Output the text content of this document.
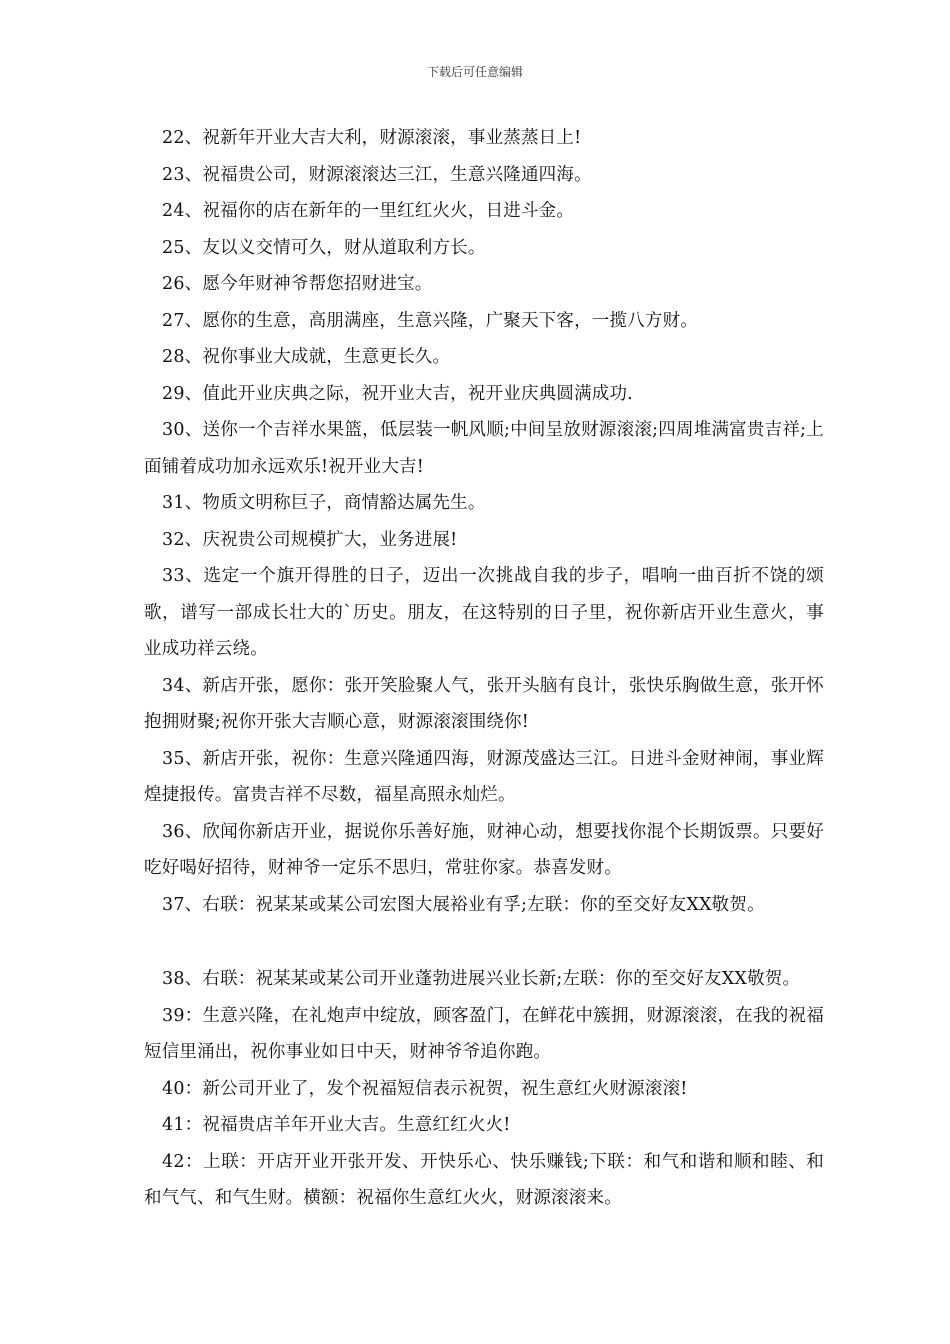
下载后可任意编辑

22、祝新年开业大吉大利，财源滚滚，事业蒸蒸日上!

23、祝福贵公司，财源滚滚达三江，生意兴隆通四海。

24、祝福你的店在新年的一里红红火火，日进斗金。

25、友以义交情可久，财从道取利方长。

26、愿今年财神爷帮您招财进宝。

27、愿你的生意，高朋满座，生意兴隆，广聚天下客，一揽八方财。

28、祝你事业大成就，生意更长久。

29、值此开业庆典之际，祝开业大吉，祝开业庆典圆满成功.

30、送你一个吉祥水果篮，低层装一帆风顺;中间呈放财源滚滚;四周堆满富贵吉祥;上面铺着成功加永远欢乐!祝开业大吉!

31、物质文明称巨子，商情豁达属先生。

32、庆祝贵公司规模扩大，业务进展!

33、选定一个旗开得胜的日子，迈出一次挑战自我的步子，唱响一曲百折不饶的颂歌，谱写一部成长壮大的`历史。朋友，在这特别的日子里，祝你新店开业生意火，事业成功祥云绕。

34、新店开张，愿你：张开笑脸聚人气，张开头脑有良计，张快乐胸做生意，张开怀抱拥财聚;祝你开张大吉顺心意，财源滚滚围绕你!

35、新店开张，祝你：生意兴隆通四海，财源茂盛达三江。日进斗金财神闹，事业辉煌捷报传。富贵吉祥不尽数，福星高照永灿烂。

36、欣闻你新店开业，据说你乐善好施，财神心动，想要找你混个长期饭票。只要好吃好喝好招待，财神爷一定乐不思归，常驻你家。恭喜发财。

37、右联：祝某某或某公司宏图大展裕业有孚;左联：你的至交好友XX敬贺。

38、右联：祝某某或某公司开业蓬勃进展兴业长新;左联：你的至交好友XX敬贺。

39：生意兴隆，在礼炮声中绽放，顾客盈门，在鲜花中簇拥，财源滚滚，在我的祝福短信里涌出，祝你事业如日中天，财神爷爷追你跑。

40：新公司开业了，发个祝福短信表示祝贺，祝生意红火财源滚滚!

41：祝福贵店羊年开业大吉。生意红红火火!

42：上联：开店开业开张开发、开快乐心、快乐赚钱;下联：和气和谐和顺和睦、和和气气、和气生财。横额：祝福你生意红火火，财源滚滚来。
